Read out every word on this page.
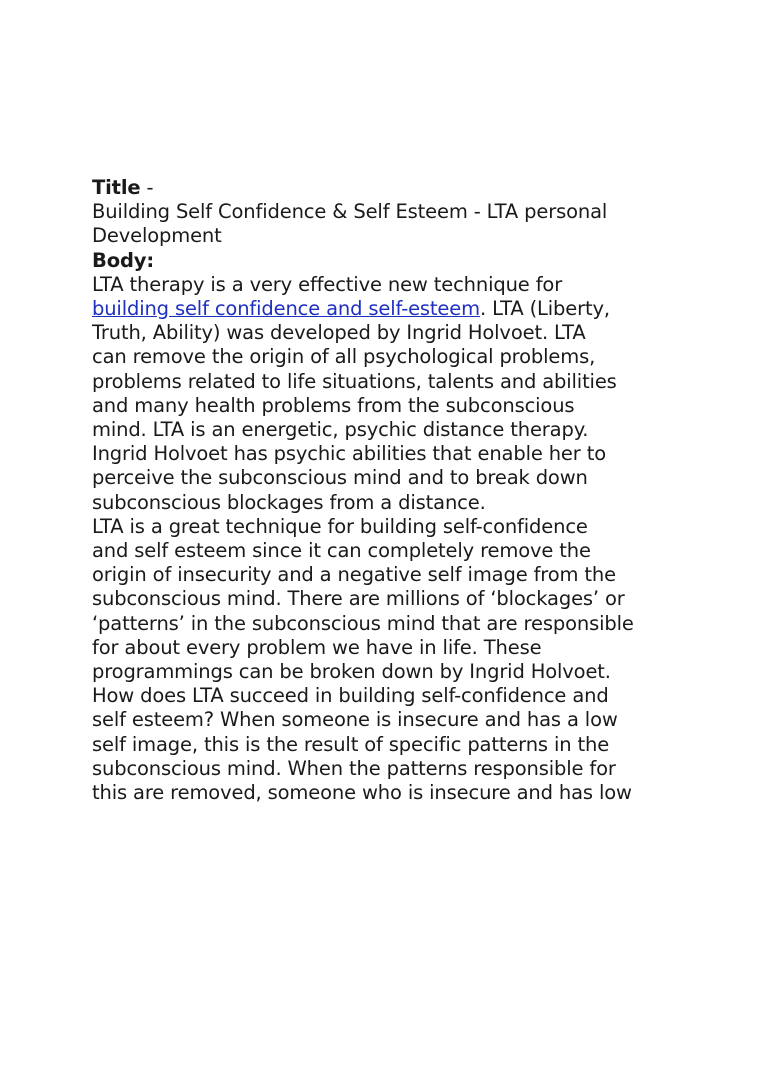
Title -

Building Self Confidence & Self Esteem - LTA personal
Development

Body:

LTA therapy is a very effective new technique for
building self confidence and self-esteem. LTA (Liberty,
Truth, Ability) was developed by Ingrid Holvoet. LTA
can remove the origin of all psychological problems,
problems related to life situations, talents and abilities
and many health problems from the subconscious
mind. LTA is an energetic, psychic distance therapy.

Ingrid Holvoet has psychic abilities that enable her to
perceive the subconscious mind and to break down
subconscious blockages from a distance.

LTA is a great technique for building self-confidence
and self esteem since it can completely remove the
origin of insecurity and a negative self image from the
subconscious mind. There are millions of ‘blockages’ or
‘patterns’ in the subconscious mind that are responsible
for about every problem we have in life. These
programmings can be broken down by Ingrid Holvoet.

How does LTA succeed in building self-confidence and
self esteem? When someone is insecure and has a low
self image, this is the result of specific patterns in the
subconscious mind. When the patterns responsible for
this are removed, someone who is insecure and has low
